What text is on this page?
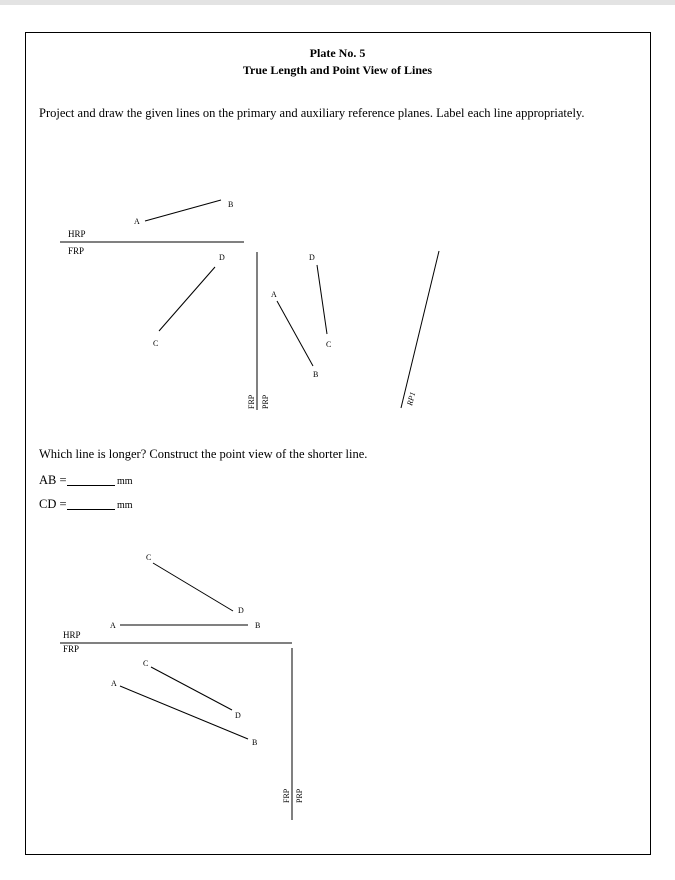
Plate No. 5
True Length and Point View of Lines
Project and draw the given lines on the primary and auxiliary reference planes. Label each line appropriately.
HRP
FRP
A
B
D
C
A
B
D
C
FRP PRP	RP1
Which line is longer? Construct the point view of the shorter line.
AB =	mm
CD =	mm
HRP
FRP
C
D
A	B
C
A
D
B
FRP PRP
